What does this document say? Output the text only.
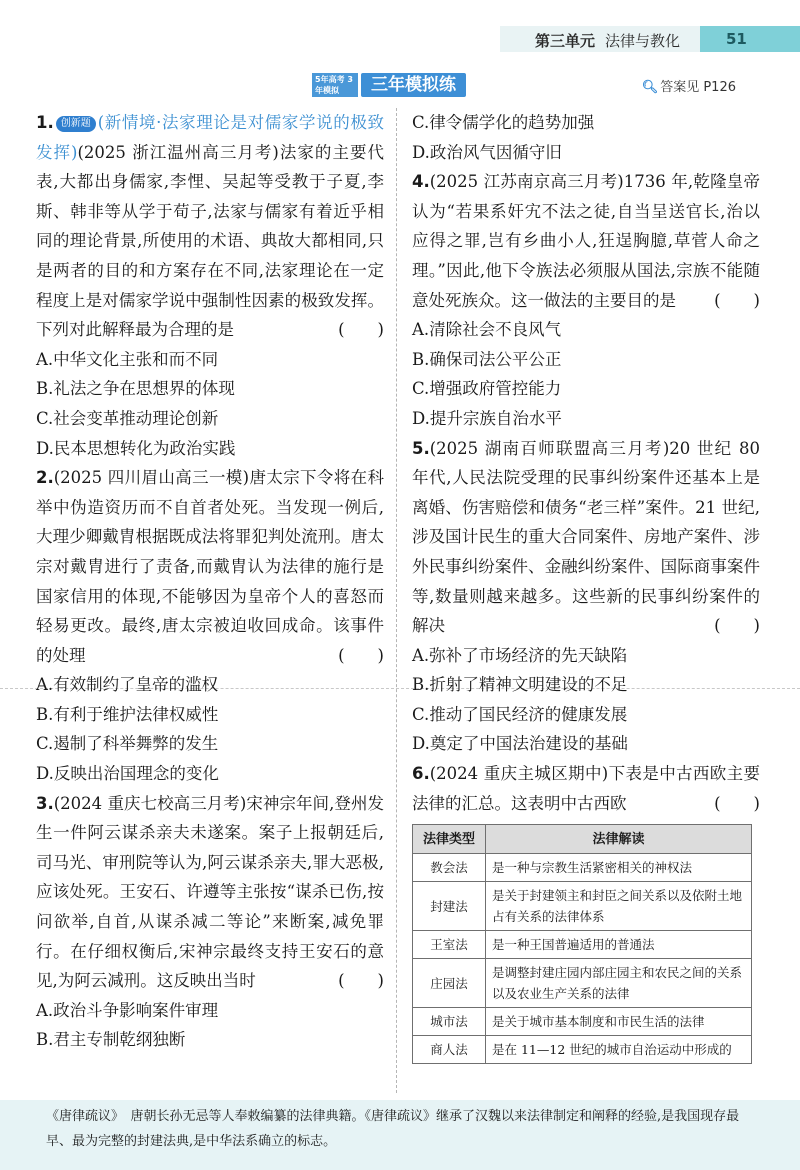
第三单元 法律与教化	51
5年高考 3年模拟	三年模拟练	🔍︎ 答案见 P126
1. 创新题 (新情境·法家理论是对儒家学说的极致发挥)(2025 浙江温州高三月考)法家的主要代表,大都出身儒家,李悝、吴起等受教于子夏,李斯、韩非等从学于荀子,法家与儒家有着近乎相同的理论背景,所使用的术语、典故大都相同,只是两者的目的和方案存在不同,法家理论在一定程度上是对儒家学说中强制性因素的极致发挥。下列对此解释最为合理的是	(　　)
A.中华文化主张和而不同
B.礼法之争在思想界的体现
C.社会变革推动理论创新
D.民本思想转化为政治实践
2.(2025 四川眉山高三一模)唐太宗下令将在科举中伪造资历而不自首者处死。当发现一例后,大理少卿戴胄根据既成法将罪犯判处流刑。唐太宗对戴胄进行了责备,而戴胄认为法律的施行是国家信用的体现,不能够因为皇帝个人的喜怒而轻易更改。最终,唐太宗被迫收回成命。该事件的处理	(　　)
A.有效制约了皇帝的滥权
B.有利于维护法律权威性
C.遏制了科举舞弊的发生
D.反映出治国理念的变化
3.(2024 重庆七校高三月考)宋神宗年间,登州发生一件阿云谋杀亲夫未遂案。案子上报朝廷后,司马光、审刑院等认为,阿云谋杀亲夫,罪大恶极,应该处死。王安石、许遵等主张按“谋杀已伤,按问欲举,自首,从谋杀减二等论”来断案,减免罪行。在仔细权衡后,宋神宗最终支持王安石的意见,为阿云减刑。这反映出当时	(　　)
A.政治斗争影响案件审理
B.君主专制乾纲独断
C.律令儒学化的趋势加强
D.政治风气因循守旧
4.(2025 江苏南京高三月考)1736 年,乾隆皇帝认为“若果系奸宄不法之徒,自当呈送官长,治以应得之罪,岂有乡曲小人,狂逞胸臆,草菅人命之理。”因此,他下令族法必须服从国法,宗族不能随意处死族众。这一做法的主要目的是 (　　)
A.清除社会不良风气
B.确保司法公平公正
C.增强政府管控能力
D.提升宗族自治水平
5.(2025 湖南百师联盟高三月考)20 世纪 80 年代,人民法院受理的民事纠纷案件还基本上是离婚、伤害赔偿和债务“老三样”案件。21 世纪,涉及国计民生的重大合同案件、房地产案件、涉外民事纠纷案件、金融纠纷案件、国际商事案件等,数量则越来越多。这些新的民事纠纷案件的解决	(　　)
A.弥补了市场经济的先天缺陷
B.折射了精神文明建设的不足
C.推动了国民经济的健康发展
D.奠定了中国法治建设的基础
6.(2024 重庆主城区期中)下表是中古西欧主要法律的汇总。这表明中古西欧	(　　)
法律类型	法律解读
教会法	是一种与宗教生活紧密相关的神权法
封建法	是关于封建领主和封臣之间关系以及依附土地占有关系的法律体系
王室法	是一种王国普遍适用的普通法
庄园法	是调整封建庄园内部庄园主和农民之间的关系以及农业生产关系的法律
城市法	是关于城市基本制度和市民生活的法律
商人法	是在 11—12 世纪的城市自治运动中形成的
《唐律疏议》　唐朝长孙无忌等人奉敕编纂的法律典籍。《唐律疏议》继承了汉魏以来法律制定和阐释的经验,是我国现存最早、最为完整的封建法典,是中华法系确立的标志。
